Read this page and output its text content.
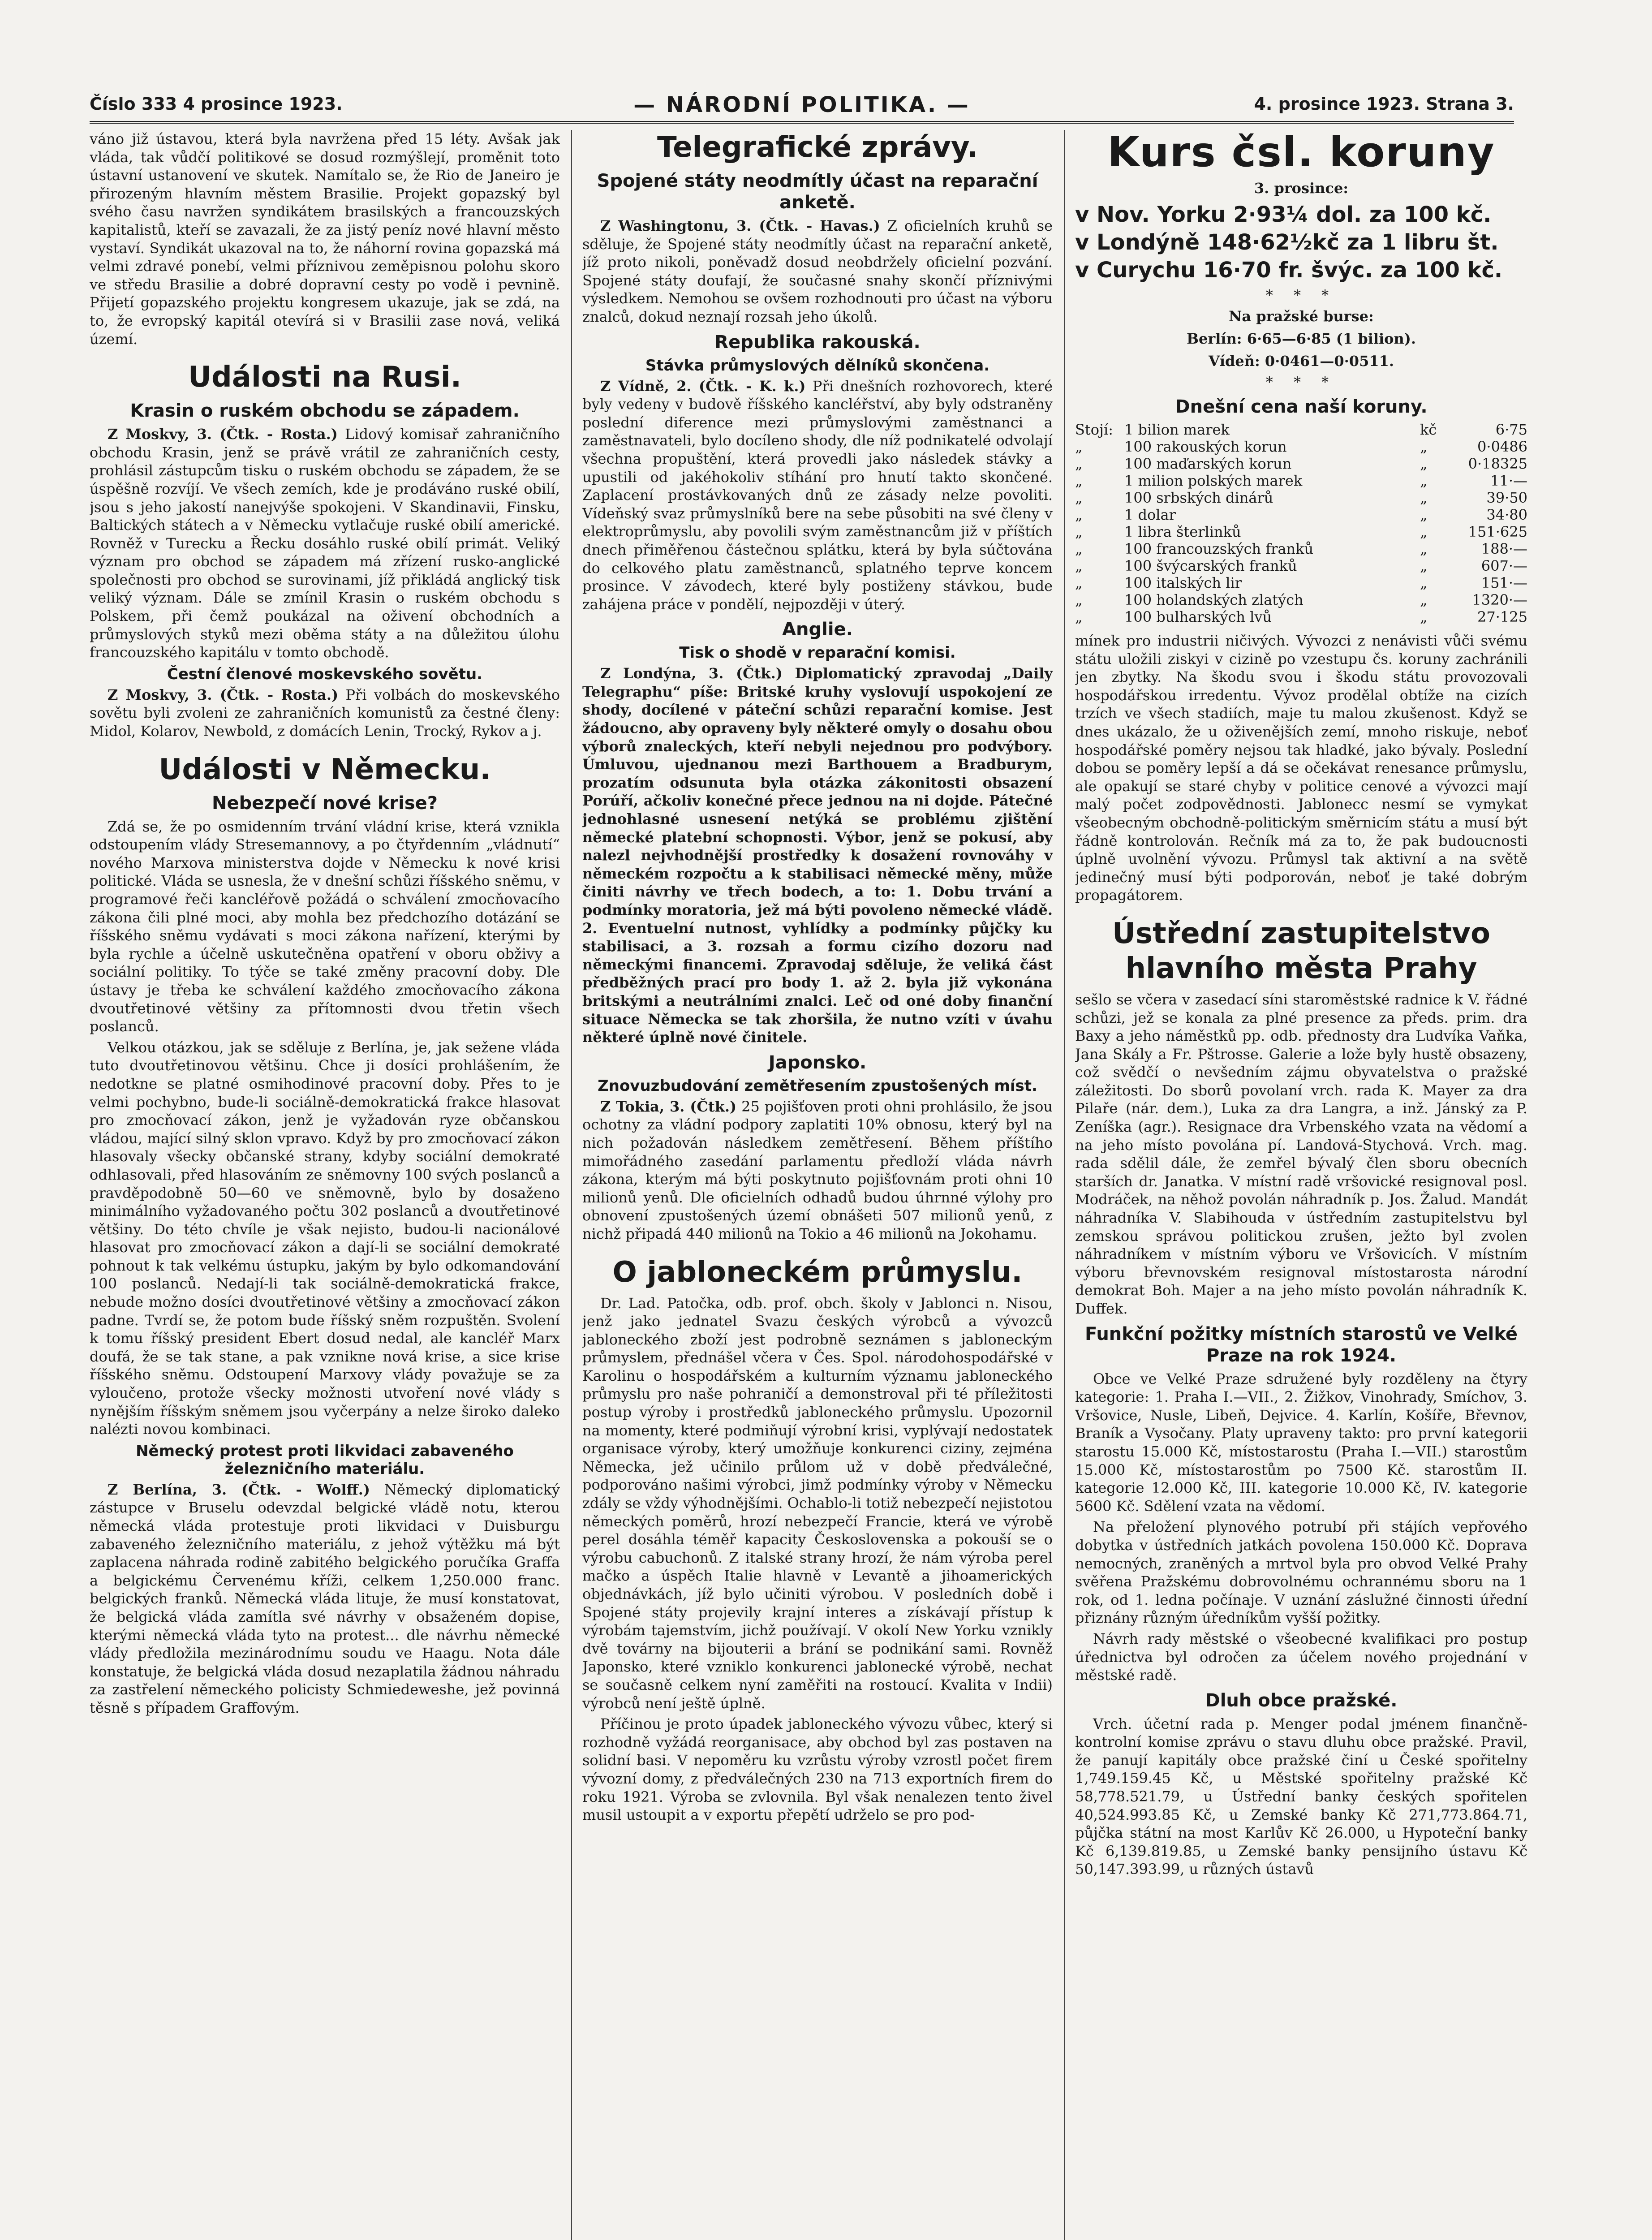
Číslo 333 4 prosince 1923.	— NÁRODNÍ POLITIKA. —	4. prosince 1923. Strana 3.

váno již ústavou, která byla navržena před 15 léty. Avšak jak vláda, tak vůdčí politikové se dosud rozmýšlejí, proměnit toto ústavní ustanovení ve skutek. Namítalo se, že Rio de Janeiro je přirozeným hlavním městem Brasilie. Projekt gopazský byl svého času navržen syndikátem brasilských a francouzských kapitalistů, kteří se zavazali, že za jistý peníz nové hlavní město vystaví. Syndikát ukazoval na to, že náhorní rovina gopazská má velmi zdravé ponebí, velmi příznivou zeměpisnou polohu skoro ve středu Brasilie a dobré dopravní cesty po vodě i pevnině. Přijetí gopazského projektu kongresem ukazuje, jak se zdá, na to, že evropský kapitál otevírá si v Brasilii zase nová, veliká území.

Události na Rusi.
Krasin o ruském obchodu se západem.

Z Moskvy, 3. (Čtk. - Rosta.) Lidový komisař zahraničního obchodu Krasin, jenž se právě vrátil ze zahraničních cesty, prohlásil zástupcům tisku o ruském obchodu se západem, že se úspěšně rozvíjí. Ve všech zemích, kde je prodáváno ruské obilí, jsou s jeho jakostí nanejvýše spokojeni. V Skandinavii, Finsku, Baltických státech a v Německu vytlačuje ruské obilí americké. Rovněž v Turecku a Řecku dosáhlo ruské obilí primát. Veliký význam pro obchod se západem má zřízení rusko-anglické společnosti pro obchod se surovinami, jíž přikládá anglický tisk veliký význam. Dále se zmínil Krasin o ruském obchodu s Polskem, při čemž poukázal na oživení obchodních a průmyslových styků mezi oběma státy a na důležitou úlohu francouzského kapitálu v tomto obchodě.

Čestní členové moskevského sovětu.

Z Moskvy, 3. (Čtk. - Rosta.) Při volbách do moskevského sovětu byli zvoleni ze zahraničních komunistů za čestné členy: Midol, Kolarov, Newbold, z domácích Lenin, Trocký, Rykov a j.

Události v Německu.
Nebezpečí nové krise?

Zdá se, že po osmidenním trvání vládní krise, která vznikla odstoupením vlády Stresemannovy, a po čtyřdenním „vládnutí“ nového Marxova ministerstva dojde v Německu k nové krisi politické. Vláda se usnesla, že v dnešní schůzi říšského sněmu, v programové řeči kancléřově požádá o schválení zmocňovacího zákona čili plné moci, aby mohla bez předchozího dotázání se říšského sněmu vydávati s moci zákona nařízení, kterými by byla rychle a účelně uskutečněna opatření v oboru obživy a sociální politiky. To týče se také změny pracovní doby. Dle ústavy je třeba ke schválení každého zmocňovacího zákona dvoutřetinové většiny za přítomnosti dvou třetin všech poslanců.

Velkou otázkou, jak se sděluje z Berlína, je, jak sežene vláda tuto dvoutřetinovou většinu. Chce ji dosíci prohlášením, že nedotkne se platné osmihodinové pracovní doby. Přes to je velmi pochybno, bude-li sociálně-demokratická frakce hlasovat pro zmocňovací zákon, jenž je vyžadován ryze občanskou vládou, mající silný sklon vpravo. Když by pro zmocňovací zákon hlasovaly všecky občanské strany, kdyby sociální demokraté odhlasovali, před hlasováním ze sněmovny 100 svých poslanců a pravděpodobně 50—60 ve sněmovně, bylo by dosaženo minimálního vyžadovaného počtu 302 poslanců a dvoutřetinové většiny. Do této chvíle je však nejisto, budou-li nacionálové hlasovat pro zmocňovací zákon a dají-li se sociální demokraté pohnout k tak velkému ústupku, jakým by bylo odkomandování 100 poslanců. Nedají-li tak sociálně-demokratická frakce, nebude možno dosíci dvoutřetinové většiny a zmocňovací zákon padne. Tvrdí se, že potom bude říšský sněm rozpuštěn. Svolení k tomu říšský president Ebert dosud nedal, ale kancléř Marx doufá, že se tak stane, a pak vznikne nová krise, a sice krise říšského sněmu. Odstoupení Marxovy vlády považuje se za vyloučeno, protože všecky možnosti utvoření nové vlády s nynějším říšským sněmem jsou vyčerpány a nelze široko daleko nalézti novou kombinaci.

Německý protest proti likvidaci zabaveného železničního materiálu.

Z Berlína, 3. (Čtk. - Wolff.) Německý diplomatický zástupce v Bruselu odevzdal belgické vládě notu, kterou německá vláda protestuje proti likvidaci v Duisburgu zabaveného železničního materiálu, z jehož výtěžku má být zaplacena náhrada rodině zabitého belgického poručíka Graffa a belgickému Červenému kříži, celkem 1,250.000 franc. belgických franků. Německá vláda lituje, že musí konstatovat, že belgická vláda zamítla své návrhy v obsaženém dopise, kterými německá vláda tyto na protest... dle návrhu německé vlády předložila mezinárodnímu soudu ve Haagu. Nota dále konstatuje, že belgická vláda dosud nezaplatila žádnou náhradu za zastřelení německého policisty Schmiedeweshe, jež povinná těsně s případem Graffovým.

Telegrafické zprávy.
Spojené státy neodmítly účast na reparační anketě.

Z Washingtonu, 3. (Čtk. - Havas.) Z oficielních kruhů se sděluje, že Spojené státy neodmítly účast na reparační anketě, jíž proto nikoli, poněvadž dosud neobdržely oficielní pozvání. Spojené státy doufají, že současné snahy skončí příznivými výsledkem. Nemohou se ovšem rozhodnouti pro účast na výboru znalců, dokud neznají rozsah jeho úkolů.

Republika rakouská.
Stávka průmyslových dělníků skončena.

Z Vídně, 2. (Čtk. - K. k.) Při dnešních rozhovorech, které byly vedeny v budově říšského kancléřství, aby byly odstraněny poslední diference mezi průmyslovými zaměstnanci a zaměstnavateli, bylo docíleno shody, dle níž podnikatelé odvolají všechna propuštění, která provedli jako následek stávky a upustili od jakéhokoliv stíhání pro hnutí takto skončené. Zaplacení prostávkovaných dnů ze zásady nelze povoliti. Vídeňský svaz průmyslníků bere na sebe působiti na své členy v elektroprůmyslu, aby povolili svým zaměstnancům již v příštích dnech přiměřenou částečnou splátku, která by byla súčtována do celkového platu zaměstnanců, splatného teprve koncem prosince. V závodech, které byly postiženy stávkou, bude zahájena práce v pondělí, nejpozději v úterý.

Anglie.
Tisk o shodě v reparační komisi.

Z Londýna, 3. (Čtk.) Diplomatický zpravodaj „Daily Telegraphu“ píše: Britské kruhy vyslovují uspokojení ze shody, docílené v páteční schůzi reparační komise. Jest žádoucno, aby opraveny byly některé omyly o dosahu obou výborů znaleckých, kteří nebyli nejednou pro podvýbory. Úmluvou, ujednanou mezi Barthouem a Bradburym, prozatím odsunuta byla otázka zákonitosti obsazení Porúří, ačkoliv konečné přece jednou na ni dojde. Pátečné jednohlasné usnesení netýká se problému zjištění německé platební schopnosti. Výbor, jenž se pokusí, aby nalezl nejvhodnější prostředky k dosažení rovnováhy v německém rozpočtu a k stabilisaci německé měny, může činiti návrhy ve třech bodech, a to: 1. Dobu trvání a podmínky moratoria, jež má býti povoleno německé vládě. 2. Eventuelní nutnost, vyhlídky a podmínky půjčky ku stabilisaci, a 3. rozsah a formu cizího dozoru nad německými financemi. Zpravodaj sděluje, že veliká část předběžných prací pro body 1. až 2. byla již vykonána britskými a neutrálními znalci. Leč od oné doby finanční situace Německa se tak zhoršila, že nutno vzíti v úvahu některé úplně nové činitele.

Japonsko.
Znovuzbudování zemětřesením zpustošených míst.

Z Tokia, 3. (Čtk.) 25 pojišťoven proti ohni prohlásilo, že jsou ochotny za vládní podpory zaplatiti 10% obnosu, který byl na nich požadován následkem zemětřesení. Během příštího mimořádného zasedání parlamentu předloží vláda návrh zákona, kterým má býti poskytnuto pojišťovnám proti ohni 10 milionů yenů. Dle oficielních odhadů budou úhrnné výlohy pro obnovení zpustošených území obnášeti 507 milionů yenů, z nichž připadá 440 milionů na Tokio a 46 milionů na Jokohamu.

O jabloneckém průmyslu.

Dr. Lad. Patočka, odb. prof. obch. školy v Jablonci n. Nisou, jenž jako jednatel Svazu českých výrobců a vývozců jabloneckého zboží jest podrobně seznámen s jabloneckým průmyslem, přednášel včera v Čes. Spol. národohospodářské v Karolinu o hospodářském a kulturním významu jabloneckého průmyslu pro naše pohraničí a demonstroval při té příležitosti postup výroby i prostředků jabloneckého průmyslu. Upozornil na momenty, které podmiňují výrobní krisi, vyplývají nedostatek organisace výroby, který umožňuje konkurenci ciziny, zejména Německa, jež učinilo průlom už v době předválečné, podporováno našimi výrobci, jimž podmínky výroby v Německu zdály se vždy výhodnějšími. Ochablo-li totiž nebezpečí nejistotou německých poměrů, hrozí nebezpečí Francie, která ve výrobě perel dosáhla téměř kapacity Československa a pokouší se o výrobu cabuchonů. Z italské strany hrozí, že nám výroba perel mačko a úspěch Italie hlavně v Levantě a jihoamerických objednávkách, jíž bylo učiniti výrobou. V posledních době i Spojené státy projevily krajní interes a získávají přístup k výrobám tajemstvím, jichž používají. V okolí New Yorku vznikly dvě továrny na bijouterii a brání se podnikání sami. Rovněž Japonsko, které vzniklo konkurenci jablonecké výrobě, nechat se současně celkem nyní zaměřiti na rostoucí. Kvalita v Indii) výrobců není ještě úplně.

Příčinou je proto úpadek jabloneckého vývozu vůbec, který si rozhodně vyžádá reorganisace, aby obchod byl zas postaven na solidní basi. V nepoměru ku vzrůstu výroby vzrostl počet firem vývozní domy, z předválečných 230 na 713 exportních firem do roku 1921. Výroba se zvlovnila. Byl však nenalezen tento živel musil ustoupit a v exportu přepětí udrželo se pro pod-

Kurs čsl. koruny

3. prosince:

v Nov. Yorku 2·93¼ dol. za 100 kč.
v Londýně 148·62½kč za 1 libru št.
v Curychu 16·70 fr. švýc. za 100 kč.
* * *

Na pražské burse:

Berlín: 6·65—6·85 (1 bilion).

Vídeň: 0·0461—0·0511.

* * *
Dnešní cena naší koruny.
Stojí:	1 bilion marek	kč	6·75
„	100 rakouských korun	„	0·0486
„	100 maďarských korun	„	0·18325
„	1 milion polských marek	„	11·—
„	100 srbských dinárů	„	39·50
„	1 dolar	„	34·80
„	1 libra šterlinků	„	151·625
„	100 francouzských franků	„	188·—
„	100 švýcarských franků	„	607·—
„	100 italských lir	„	151·—
„	100 holandských zlatých	„	1320·—
„	100 bulharských lvů	„	27·125

mínek pro industrii ničivých. Vývozci z nenávisti vůči svému státu uložili ziskyi v cizině po vzestupu čs. koruny zachránili jen zbytky. Na škodu svou i škodu státu provozovali hospodářskou irredentu. Vývoz prodělal obtíže na cizích trzích ve všech stadiích, maje tu malou zkušenost. Když se dnes ukázalo, že u oživenějších zemí, mnoho riskuje, neboť hospodářské poměry nejsou tak hladké, jako bývaly. Poslední dobou se poměry lepší a dá se očekávat renesance průmyslu, ale opakují se staré chyby v politice cenové a vývozci mají malý počet zodpovědnosti. Jablonecc nesmí se vymykat všeobecným obchodně-politickým směrnicím státu a musí být řádně kontrolován. Rečník má za to, že pak budoucnosti úplně uvolnění vývozu. Průmysl tak aktivní a na světě jedinečný musí býti podporován, neboť je také dobrým propagátorem.

Ústřední zastupitelstvo hlavního města Prahy

sešlo se včera v zasedací síni staroměstské radnice k V. řádné schůzi, jež se konala za plné presence za předs. prim. dra Baxy a jeho náměstků pp. odb. přednosty dra Ludvíka Vaňka, Jana Skály a Fr. Pštrosse. Galerie a lože byly hustě obsazeny, což svědčí o nevšedním zájmu obyvatelstva o pražské záležitosti. Do sborů povolaní vrch. rada K. Mayer za dra Pilaře (nár. dem.), Luka za dra Langra, a inž. Jánský za P. Zeníška (agr.). Resignace dra Vrbenského vzata na vědomí a na jeho místo povolána pí. Landová-Stychová. Vrch. mag. rada sdělil dále, že zemřel bývalý člen sboru obecních starších dr. Janatka. V místní radě vršovické resignoval posl. Modráček, na něhož povolán náhradník p. Jos. Žalud. Mandát náhradníka V. Slabihouda v ústředním zastupitelstvu byl zemskou správou politickou zrušen, ježto byl zvolen náhradníkem v místním výboru ve Vršovicích. V místním výboru břevnovském resignoval místostarosta národní demokrat Boh. Majer a na jeho místo povolán náhradník K. Duffek.

Funkční požitky místních starostů ve Velké Praze na rok 1924.

Obce ve Velké Praze sdružené byly rozděleny na čtyry kategorie: 1. Praha I.—VII., 2. Žižkov, Vinohrady, Smíchov, 3. Vršovice, Nusle, Libeň, Dejvice. 4. Karlín, Košíře, Břevnov, Braník a Vysočany. Platy upraveny takto: pro první kategorii starostu 15.000 Kč, místostarostu (Praha I.—VII.) starostům 15.000 Kč, místostarostům po 7500 Kč. starostům II. kategorie 12.000 Kč, III. kategorie 10.000 Kč, IV. kategorie 5600 Kč. Sdělení vzata na vědomí.

Na přeložení plynového potrubí při stájích vepřového dobytka v ústředních jatkách povolena 150.000 Kč. Doprava nemocných, zraněných a mrtvol byla pro obvod Velké Prahy svěřena Pražskému dobrovolnému ochrannému sboru na 1 rok, od 1. ledna počínaje. V uznání záslužné činnosti úřední přiznány různým úředníkům vyšší požitky.

Návrh rady městské o všeobecné kvalifikaci pro postup úřednictva byl odročen za účelem nového projednání v městské radě.

Dluh obce pražské.

Vrch. účetní rada p. Menger podal jménem finančně-kontrolní komise zprávu o stavu dluhu obce pražské. Pravil, že panují kapitály obce pražské činí u České spořitelny 1,749.159.45 Kč, u Městské spořitelny pražské Kč 58,778.521.79, u Ústřední banky českých spořitelen 40,524.993.85 Kč, u Zemské banky Kč 271,773.864.71, půjčka státní na most Karlův Kč 26.000, u Hypoteční banky Kč 6,139.819.85, u Zemské banky pensijního ústavu Kč 50,147.393.99, u různých ústavů
